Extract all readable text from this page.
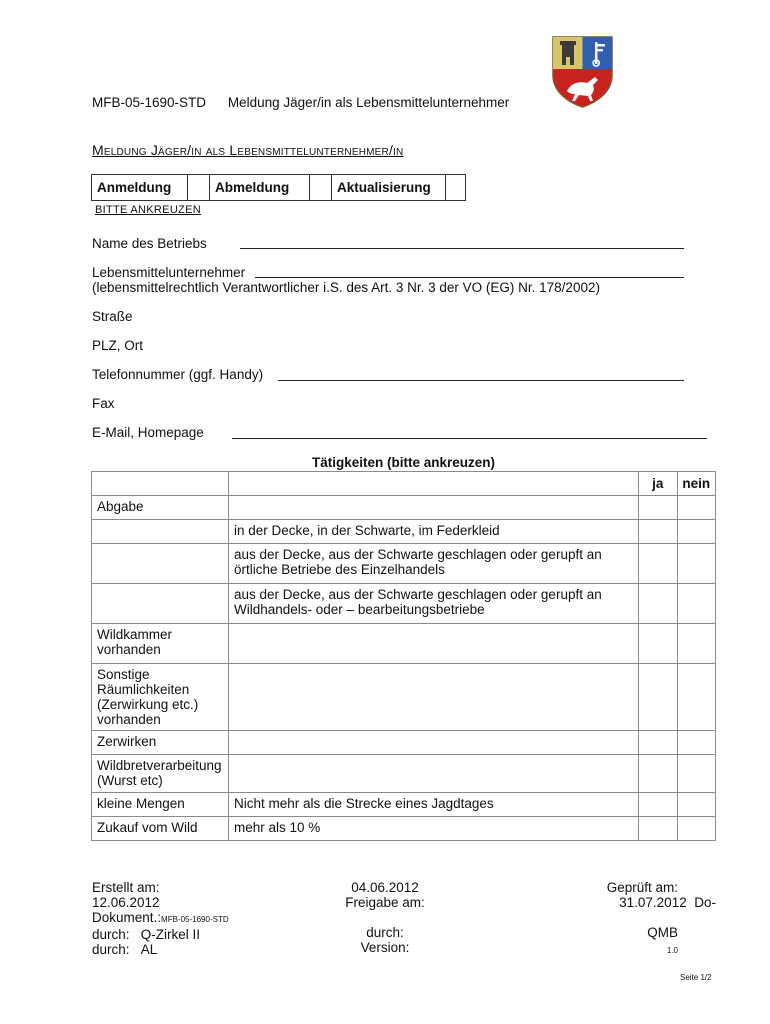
MFB-05-1690-STD Meldung Jäger/in als Lebensmittelunternehmer
Meldung Jäger/in als Lebensmittelunternehmer/in
Anmeldung		Abmeldung		Aktualisierung	
BITTE ANKREUZEN
Name des Betriebs
Lebensmittelunternehmer
(lebensmittelrechtlich Verantwortlicher i.S. des Art. 3 Nr. 3 der VO (EG) Nr. 178/2002)
Straße
PLZ, Ort
Telefonnummer (ggf. Handy)
Fax
E-Mail, Homepage
Tätigkeiten (bitte ankreuzen)
		ja	nein
Abgabe			
	in der Decke, in der Schwarte, im Federkleid		
	aus der Decke, aus der Schwarte geschlagen oder gerupft an örtliche Betriebe des Einzelhandels		
	aus der Decke, aus der Schwarte geschlagen oder gerupft an Wildhandels- oder – bearbeitungsbetriebe		
Wildkammer vorhanden			
Sonstige Räumlichkeiten (Zerwirkung etc.) vorhanden			
Zerwirken			
Wildbretverarbeitung (Wurst etc)			
kleine Mengen	Nicht mehr als die Strecke eines Jagdtages		
Zukauf vom Wild	mehr als 10 %		
Erstellt am:
12.06.2012
Dokument.:MFB-05-1690-STD
durch: Q-Zirkel II
durch: AL
04.06.2012
Freigabe am:

durch:
Version:
Geprüft am:
31.07.2012 Do-

QMB
1.0
Seite 1/2
